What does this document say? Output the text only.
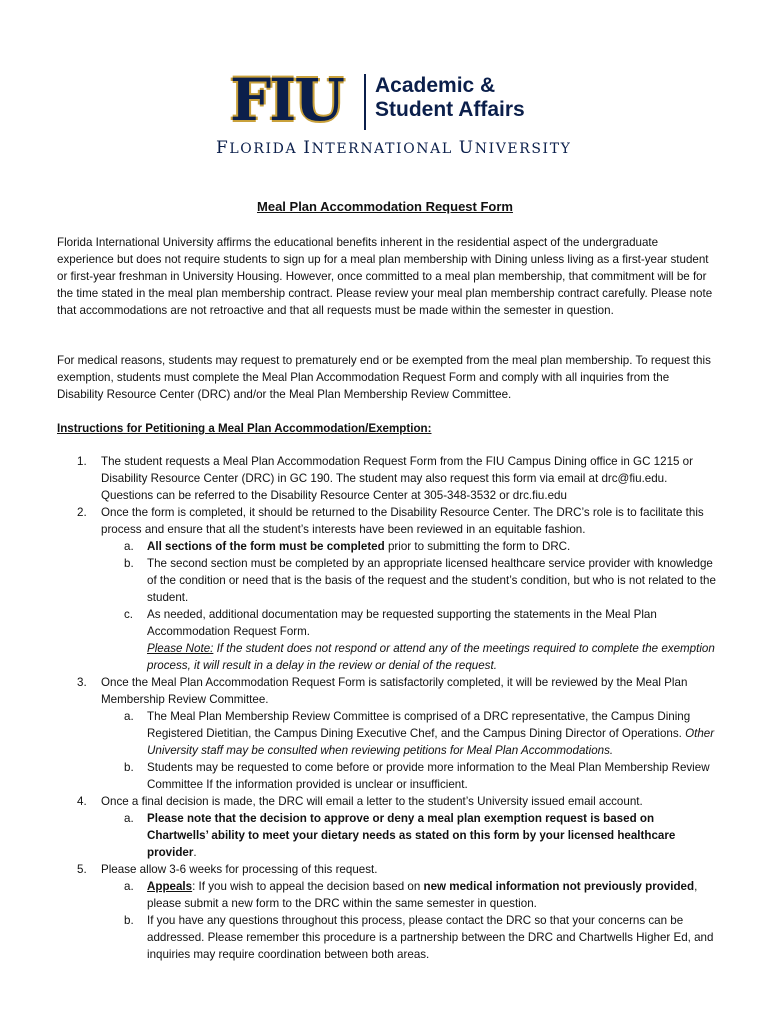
FIU Academic &
Student Affairs
FLORIDA INTERNATIONAL UNIVERSITY
Meal Plan Accommodation Request Form
Florida International University affirms the educational benefits inherent in the residential aspect of the undergraduate experience but does not require students to sign up for a meal plan membership with Dining unless living as a first-year student or first-year freshman in University Housing. However, once committed to a meal plan membership, that commitment will be for the time stated in the meal plan membership contract. Please review your meal plan membership contract carefully. Please note that accommodations are not retroactive and that all requests must be made within the semester in question.
For medical reasons, students may request to prematurely end or be exempted from the meal plan membership. To request this exemption, students must complete the Meal Plan Accommodation Request Form and comply with all inquiries from the Disability Resource Center (DRC) and/or the Meal Plan Membership Review Committee.
Instructions for Petitioning a Meal Plan Accommodation/Exemption:
1. The student requests a Meal Plan Accommodation Request Form from the FIU Campus Dining office in GC 1215 or Disability Resource Center (DRC) in GC 190. The student may also request this form via email at drc@fiu.edu. Questions can be referred to the Disability Resource Center at 305-348-3532 or drc.fiu.edu
2. Once the form is completed, it should be returned to the Disability Resource Center. The DRC’s role is to facilitate this process and ensure that all the student’s interests have been reviewed in an equitable fashion.
a. All sections of the form must be completed prior to submitting the form to DRC.
b. The second section must be completed by an appropriate licensed healthcare service provider with knowledge of the condition or need that is the basis of the request and the student’s condition, but who is not related to the student.
c. As needed, additional documentation may be requested supporting the statements in the Meal Plan Accommodation Request Form.
Please Note: If the student does not respond or attend any of the meetings required to complete the exemption process, it will result in a delay in the review or denial of the request.
3. Once the Meal Plan Accommodation Request Form is satisfactorily completed, it will be reviewed by the Meal Plan Membership Review Committee.
a. The Meal Plan Membership Review Committee is comprised of a DRC representative, the Campus Dining Registered Dietitian, the Campus Dining Executive Chef, and the Campus Dining Director of Operations. Other University staff may be consulted when reviewing petitions for Meal Plan Accommodations.
b. Students may be requested to come before or provide more information to the Meal Plan Membership Review Committee If the information provided is unclear or insufficient.
4. Once a final decision is made, the DRC will email a letter to the student’s University issued email account.
a. Please note that the decision to approve or deny a meal plan exemption request is based on Chartwells’ ability to meet your dietary needs as stated on this form by your licensed healthcare provider.
5. Please allow 3-6 weeks for processing of this request.
a. Appeals: If you wish to appeal the decision based on new medical information not previously provided, please submit a new form to the DRC within the same semester in question.
b. If you have any questions throughout this process, please contact the DRC so that your concerns can be addressed. Please remember this procedure is a partnership between the DRC and Chartwells Higher Ed, and inquiries may require coordination between both areas.
